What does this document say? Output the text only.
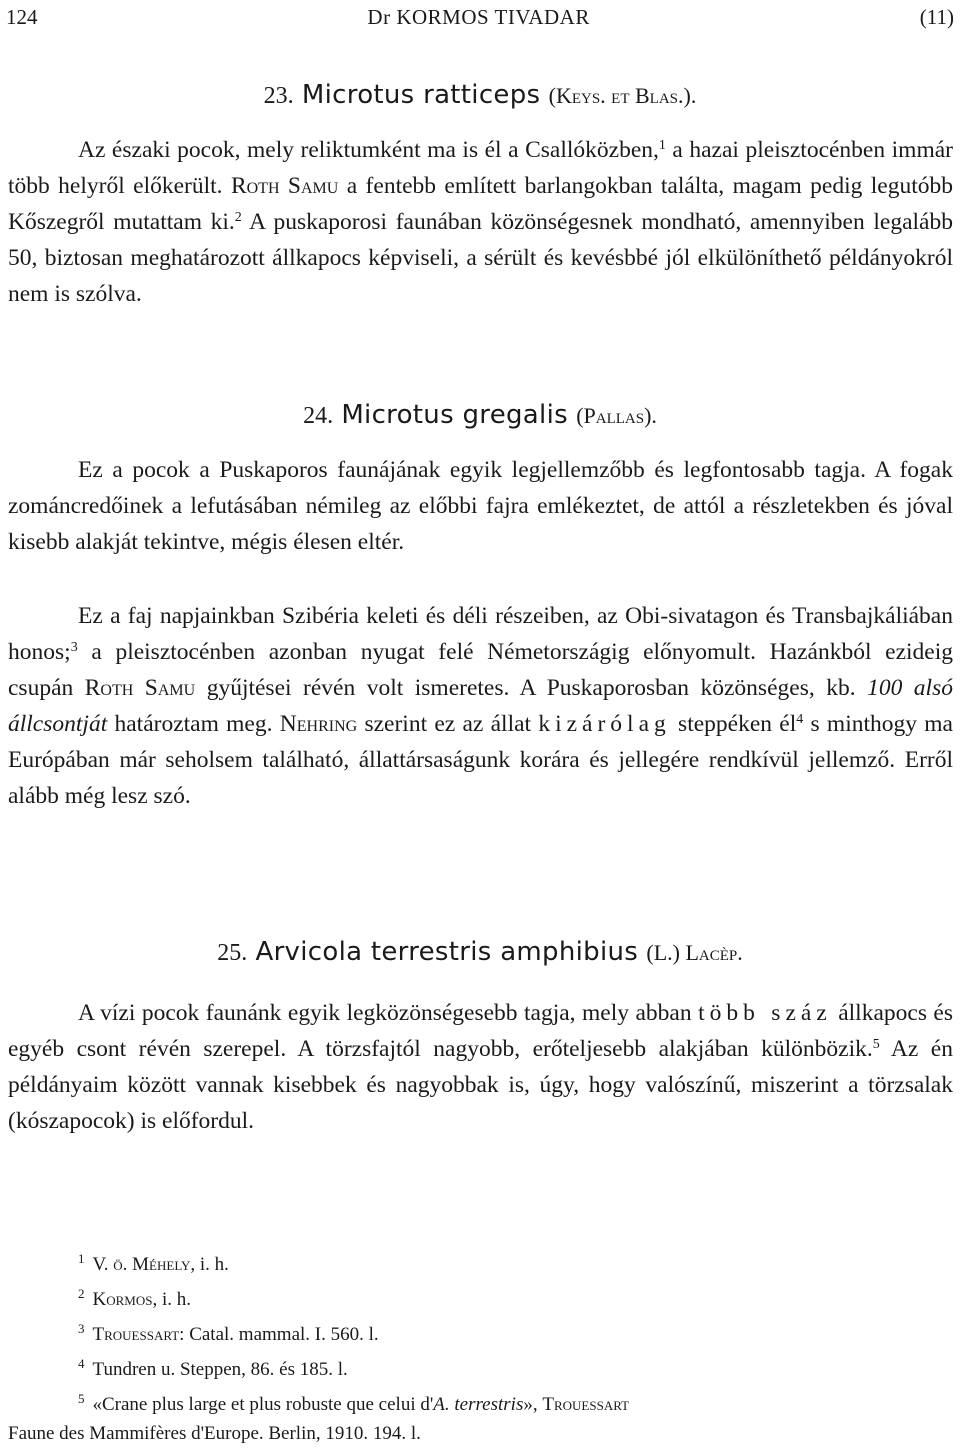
124	Dr KORMOS TIVADAR	(11)
23. Microtus ratticeps (Keys. et Blas.).

Az északi pocok, mely reliktumként ma is él a Csallóközben,$^1$ a hazai pleisztocénben immár több helyről előkerült. Roth Samu a fentebb említett barlangokban találta, magam pedig legutóbb Kőszegről mutattam ki.$^2$ A puskaporosi faunában közönségesnek mondható, amennyiben legalább 50, biztosan meghatározott állkapocs képviseli, a sérült és kevésbbé jól elkülöníthető példányokról nem is szólva.

24. Microtus gregalis (Pallas).

Ez a pocok a Puskaporos faunájának egyik legjellemzőbb és legfontosabb tagja. A fogak zománcredőinek a lefutásában némileg az előbbi fajra emlékeztet, de attól a részletekben és jóval kisebb alakját tekintve, mégis élesen eltér.

Ez a faj napjainkban Szibéria keleti és déli részeiben, az Obi-sivatagon és Transbajkáliában honos;$^3$ a pleisztocénben azonban nyugat felé Németországig előnyomult. Hazánkból ezideig csupán Roth Samu gyűjtései révén volt ismeretes. A Puskaporosban közönséges, kb. 100 alsó állcsontját határoztam meg. Nehring szerint ez az állat kizárólag steppéken $él^4$ s minthogy ma Európában már seholsem található, állattársaságunk korára és jellegére rendkívül jellemző. Erről alább még lesz szó.

25. Arvicola terrestris amphibius (L.) Lacèp.

A vízi pocok faunánk egyik legközönségesebb tagja, mely abban több száz állkapocs és egyéb csont révén szerepel. A törzsfajtól nagyobb, erőteljesebb alakjában különbözik.$^5$ Az én példányaim között vannak kisebbek és nagyobbak is, úgy, hogy valószínű, miszerint a törzsalak (kószapocok) is előfordul.

$^1$ V. ö. Méhely, i. h.
$^2$ Kormos, i. h.
$^3$ Trouessart: Catal. mammal. I. 560. l.
$^4$ Tundren u. Steppen, 86. és 185. l.
$^5$ «Crane plus large et plus robuste que celui d'A. terrestris», Trouessart
Faune des Mammifères d'Europe. Berlin, 1910. 194. l.
